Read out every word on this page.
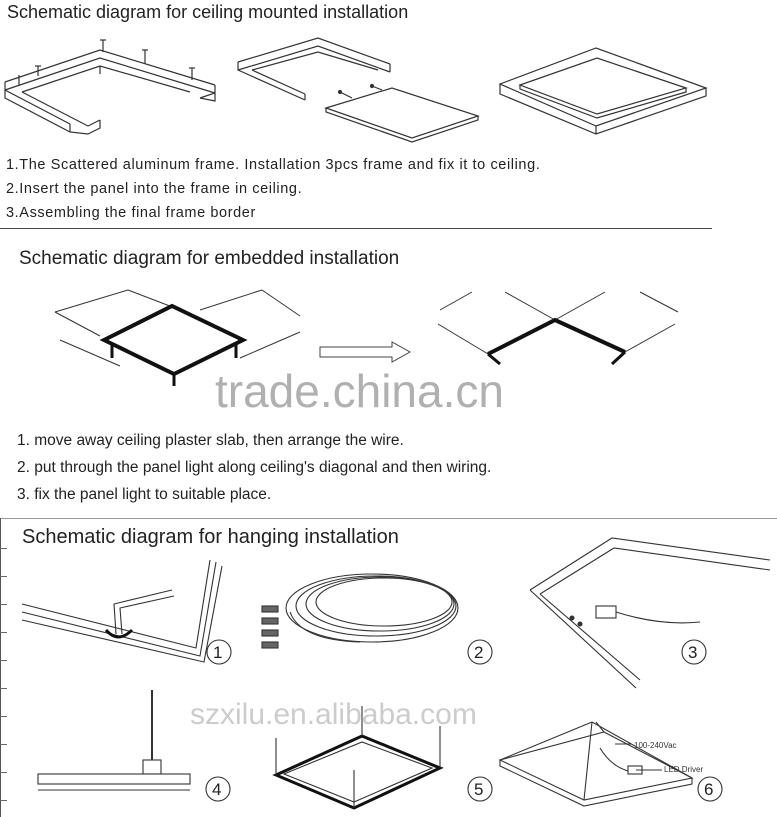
Schematic diagram for ceiling mounted installation
1.The Scattered aluminum frame. Installation 3pcs frame and fix it to ceiling.
2.Insert the panel into the frame in ceiling.
3.Assembling the final frame border
Schematic diagram for embedded installation
trade.china.cn
1. move away ceiling plaster slab, then arrange the wire.
2. put through the panel light along ceiling's diagonal and then wiring.
3. fix the panel light to suitable place.
Schematic diagram for hanging installation
1	2	3
4	5
100-240Vac
LED Driver
6
szxilu.en.alibaba.com
